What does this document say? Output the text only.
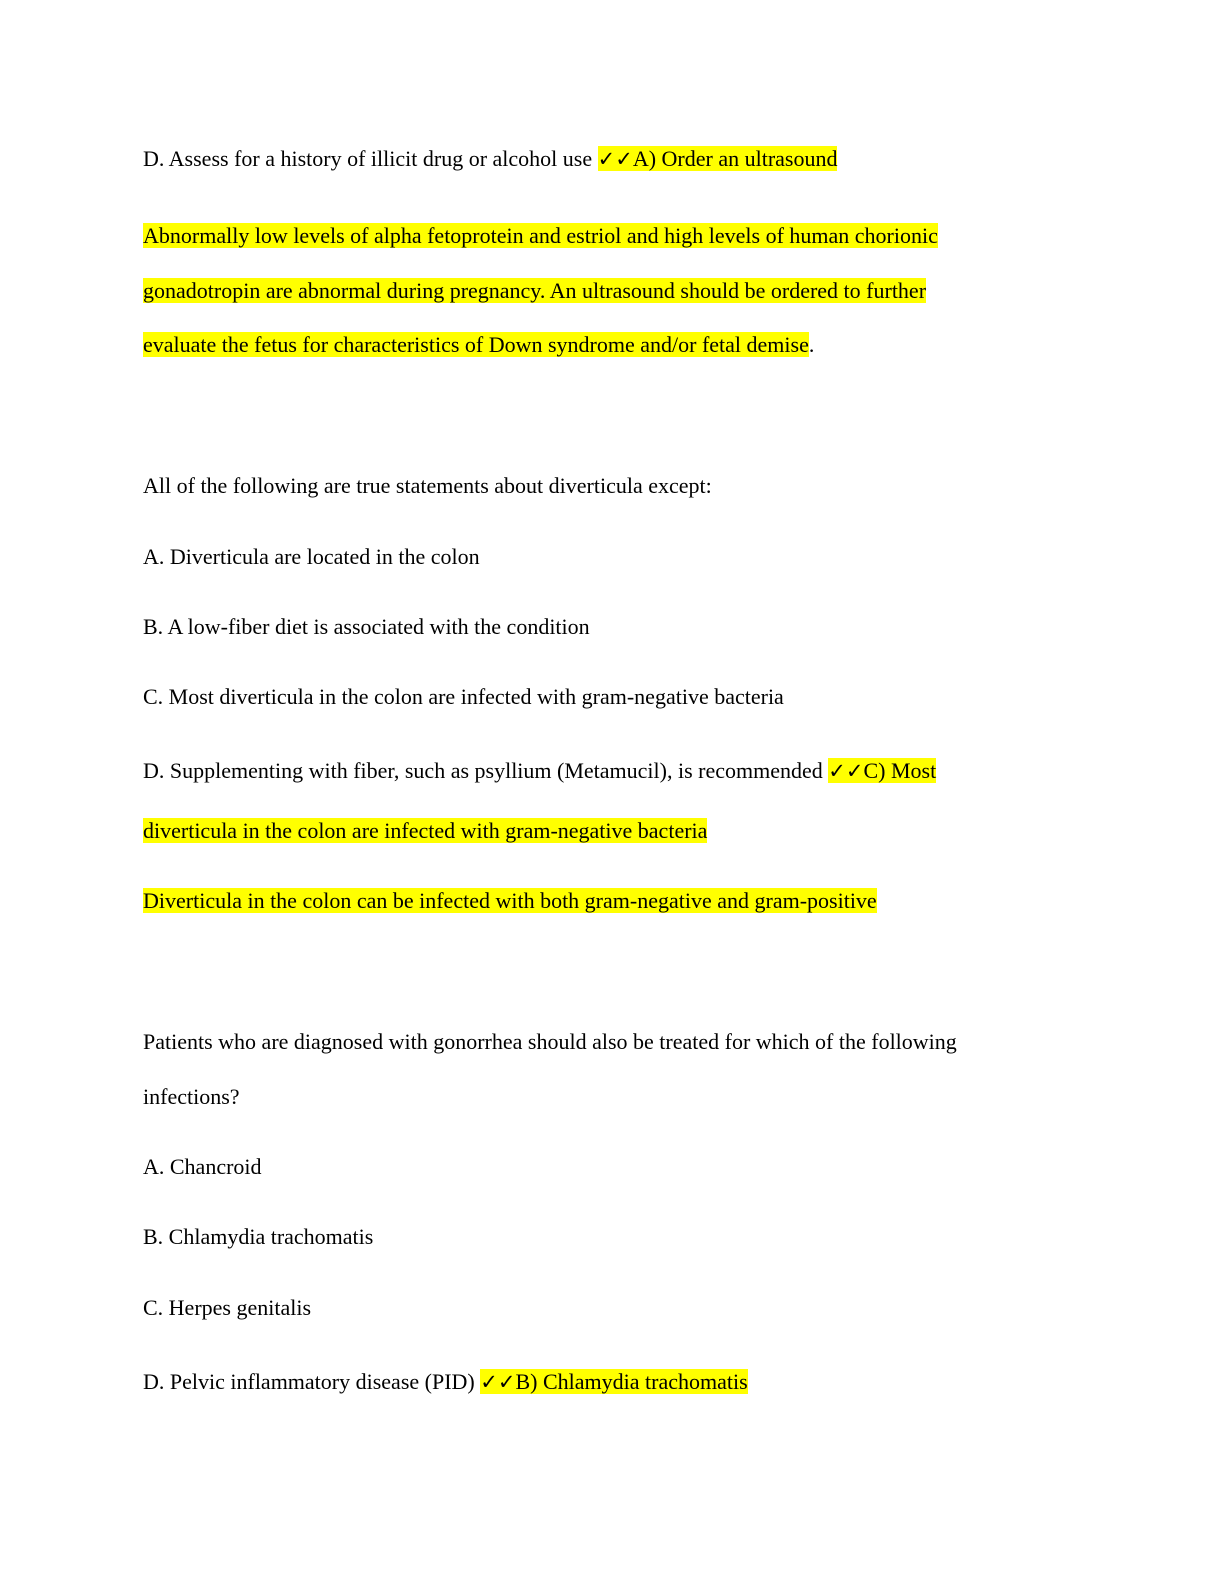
D. Assess for a history of illicit drug or alcohol use ✓✓A) Order an ultrasound
Abnormally low levels of alpha fetoprotein and estriol and high levels of human chorionic
gonadotropin are abnormal during pregnancy. An ultrasound should be ordered to further
evaluate the fetus for characteristics of Down syndrome and/or fetal demise.
All of the following are true statements about diverticula except:
A. Diverticula are located in the colon
B. A low-fiber diet is associated with the condition
C. Most diverticula in the colon are infected with gram-negative bacteria
D. Supplementing with fiber, such as psyllium (Metamucil), is recommended ✓✓C) Most
diverticula in the colon are infected with gram-negative bacteria
Diverticula in the colon can be infected with both gram-negative and gram-positive
Patients who are diagnosed with gonorrhea should also be treated for which of the following
infections?
A. Chancroid
B. Chlamydia trachomatis
C. Herpes genitalis
D. Pelvic inflammatory disease (PID) ✓✓B) Chlamydia trachomatis
